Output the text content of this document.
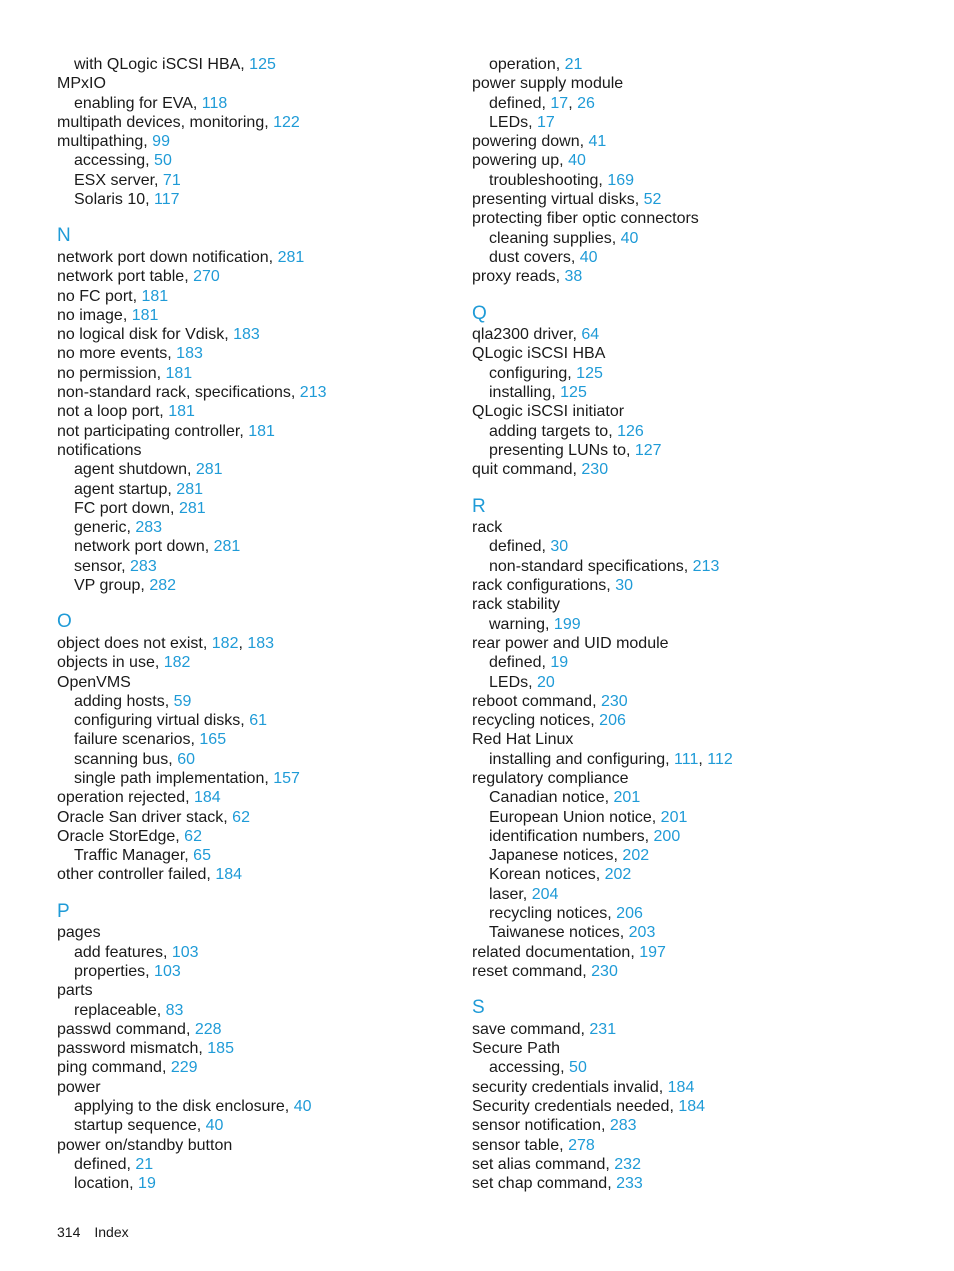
with QLogic iSCSI HBA, 125
MPxIO
enabling for EVA, 118
multipath devices, monitoring, 122
multipathing, 99
accessing, 50
ESX server, 71
Solaris 10, 117
N
network port down notification, 281
network port table, 270
no FC port, 181
no image, 181
no logical disk for Vdisk, 183
no more events, 183
no permission, 181
non-standard rack, specifications, 213
not a loop port, 181
not participating controller, 181
notifications
agent shutdown, 281
agent startup, 281
FC port down, 281
generic, 283
network port down, 281
sensor, 283
VP group, 282
O
object does not exist, 182, 183
objects in use, 182
OpenVMS
adding hosts, 59
configuring virtual disks, 61
failure scenarios, 165
scanning bus, 60
single path implementation, 157
operation rejected, 184
Oracle San driver stack, 62
Oracle StorEdge, 62
Traffic Manager, 65
other controller failed, 184
P
pages
add features, 103
properties, 103
parts
replaceable, 83
passwd command, 228
password mismatch, 185
ping command, 229
power
applying to the disk enclosure, 40
startup sequence, 40
power on/standby button
defined, 21
location, 19
operation, 21
power supply module
defined, 17, 26
LEDs, 17
powering down, 41
powering up, 40
troubleshooting, 169
presenting virtual disks, 52
protecting fiber optic connectors
cleaning supplies, 40
dust covers, 40
proxy reads, 38
Q
qla2300 driver, 64
QLogic iSCSI HBA
configuring, 125
installing, 125
QLogic iSCSI initiator
adding targets to, 126
presenting LUNs to, 127
quit command, 230
R
rack
defined, 30
non-standard specifications, 213
rack configurations, 30
rack stability
warning, 199
rear power and UID module
defined, 19
LEDs, 20
reboot command, 230
recycling notices, 206
Red Hat Linux
installing and configuring, 111, 112
regulatory compliance
Canadian notice, 201
European Union notice, 201
identification numbers, 200
Japanese notices, 202
Korean notices, 202
laser, 204
recycling notices, 206
Taiwanese notices, 203
related documentation, 197
reset command, 230
S
save command, 231
Secure Path
accessing, 50
security credentials invalid, 184
Security credentials needed, 184
sensor notification, 283
sensor table, 278
set alias command, 232
set chap command, 233
314 Index
